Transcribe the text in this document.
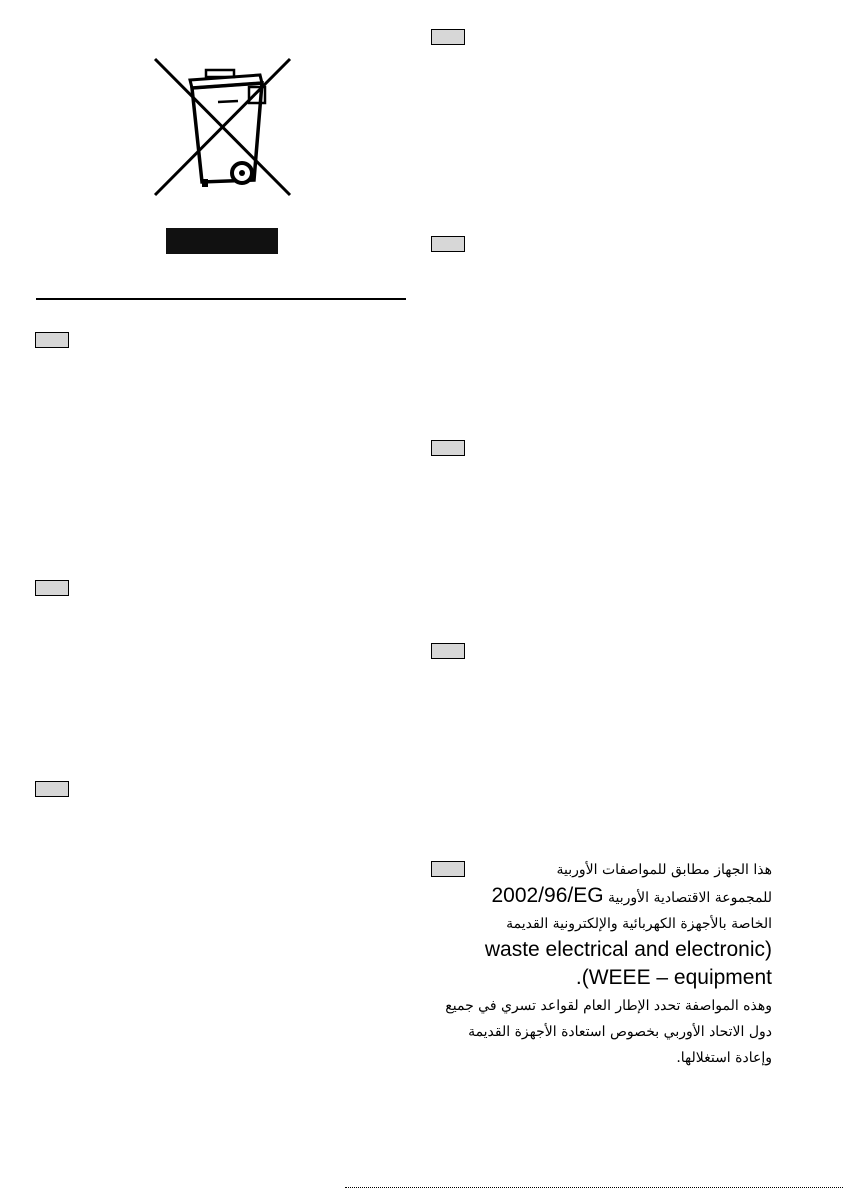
هذا الجهاز مطابق للمواصفات الأوربية
للمجموعة الاقتصادية الأوربية 2002/96/EG
الخاصة بالأجهزة الكهربائية والإلكترونية القديمة
waste electrical and electronic)
.(WEEE – equipment
وهذه المواصفة تحدد الإطار العام لقواعد تسري في جميع
دول الاتحاد الأوربي بخصوص استعادة الأجهزة القديمة
وإعادة استغلالها.
